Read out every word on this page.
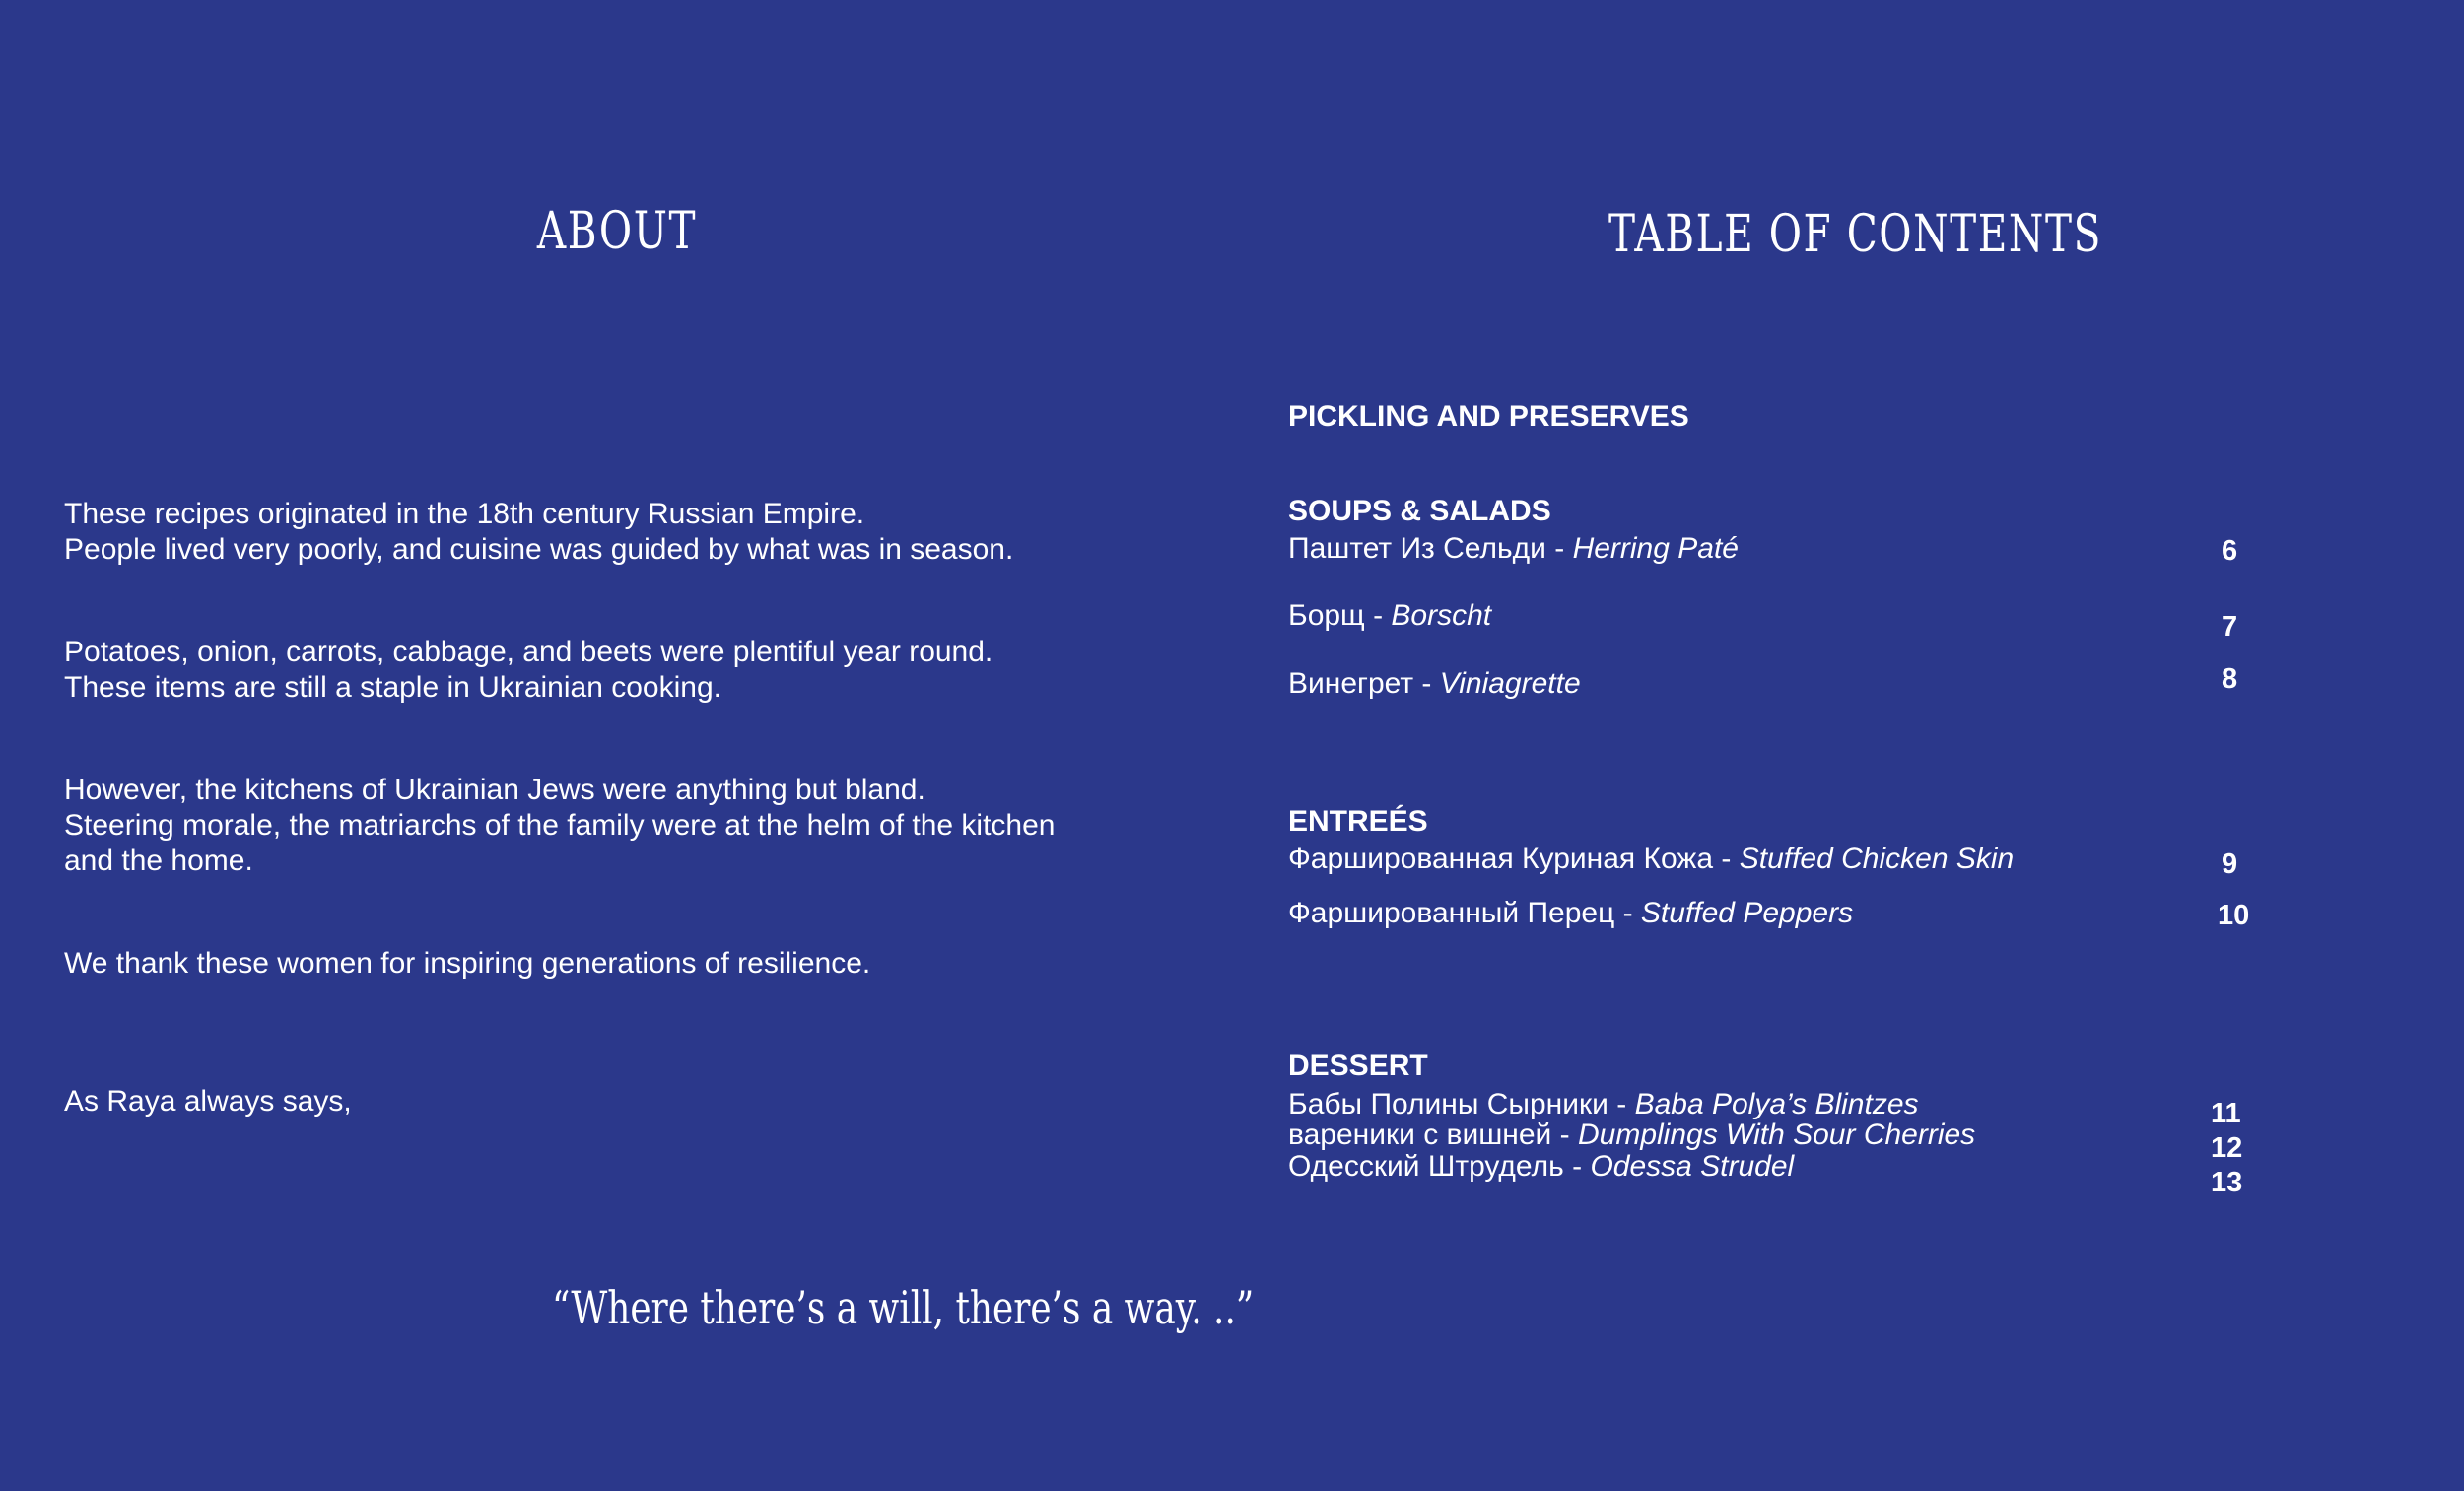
ABOUT

These recipes originated in the 18th century Russian Empire.
People lived very poorly, and cuisine was guided by what was in season.

Potatoes, onion, carrots, cabbage, and beets were plentiful year round.
These items are still a staple in Ukrainian cooking.

However, the kitchens of Ukrainian Jews were anything but bland.
Steering morale, the matriarchs of the family were at the helm of the kitchen
and the home.

We thank these women for inspiring generations of resilience.

As Raya always says,

“Where there’s a will, there’s a way. ..”

TABLE OF CONTENTS
PICKLING AND PRESERVES
SOUPS & SALADS
Паштет Из Сельди - Herring Paté	6
Борщ - Borscht	7
Винегрет - Viniagrette	8
ENTREÉS
Фаршированная Куриная Кожа - Stuffed Chicken Skin	9
Фаршированный Перец - Stuffed Peppers	10
DESSERT
Бабы Полины Сырники - Baba Polya’s Blintzes	11
вареники с вишней - Dumplings With Sour Cherries	12
Одесский Штрудель - Odessa Strudel	13
